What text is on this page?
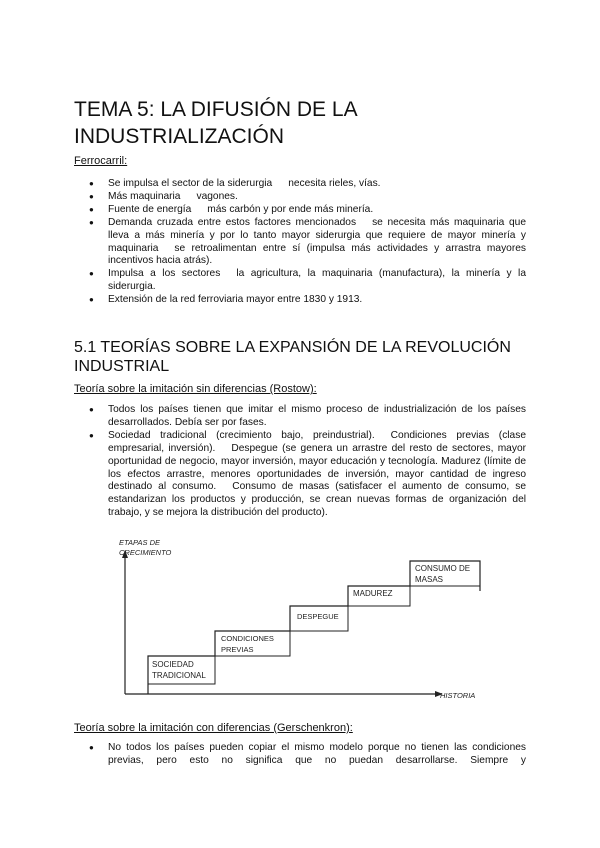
TEMA 5: LA DIFUSIÓN DE LA INDUSTRIALIZACIÓN

Ferrocarril:

● Se impulsa el sector de la siderurgia necesita rieles, vías.
● Más maquinaria vagones.
● Fuente de energía más carbón y por ende más minería.
● Demanda cruzada entre estos factores mencionados se necesita más maquinaria que lleva a más minería y por lo tanto mayor siderurgia que requiere de mayor minería y maquinaria se retroalimentan entre sí (impulsa más actividades y arrastra mayores incentivos hacia atrás).
● Impulsa a los sectores la agricultura, la maquinaria (manufactura), la minería y la siderurgia.
● Extensión de la red ferroviaria mayor entre 1830 y 1913.
5.1 TEORÍAS SOBRE LA EXPANSIÓN DE LA REVOLUCIÓN INDUSTRIAL

Teoría sobre la imitación sin diferencias (Rostow):

● Todos los países tienen que imitar el mismo proceso de industrialización de los países desarrollados. Debía ser por fases.
● Sociedad tradicional (crecimiento bajo, preindustrial). Condiciones previas (clase empresarial, inversión). Despegue (se genera un arrastre del resto de sectores, mayor oportunidad de negocio, mayor inversión, mayor educación y tecnología. Madurez (límite de los efectos arrastre, menores oportunidades de inversión, mayor cantidad de ingreso destinado al consumo. Consumo de masas (satisfacer el aumento de consumo, se estandarizan los productos y producción, se crean nuevas formas de organización del trabajo, y se mejora la distribución del producto).
ETAPAS DE
CRECIMIENTO
HISTORIA
SOCIEDAD
TRADICIONAL
CONDICIONES
PREVIAS
DESPEGUE
MADUREZ
CONSUMO DE
MASAS

Teoría sobre la imitación con diferencias (Gerschenkron):

● No todos los países pueden copiar el mismo modelo porque no tienen las condiciones previas, pero esto no significa que no puedan desarrollarse. Siempre y
